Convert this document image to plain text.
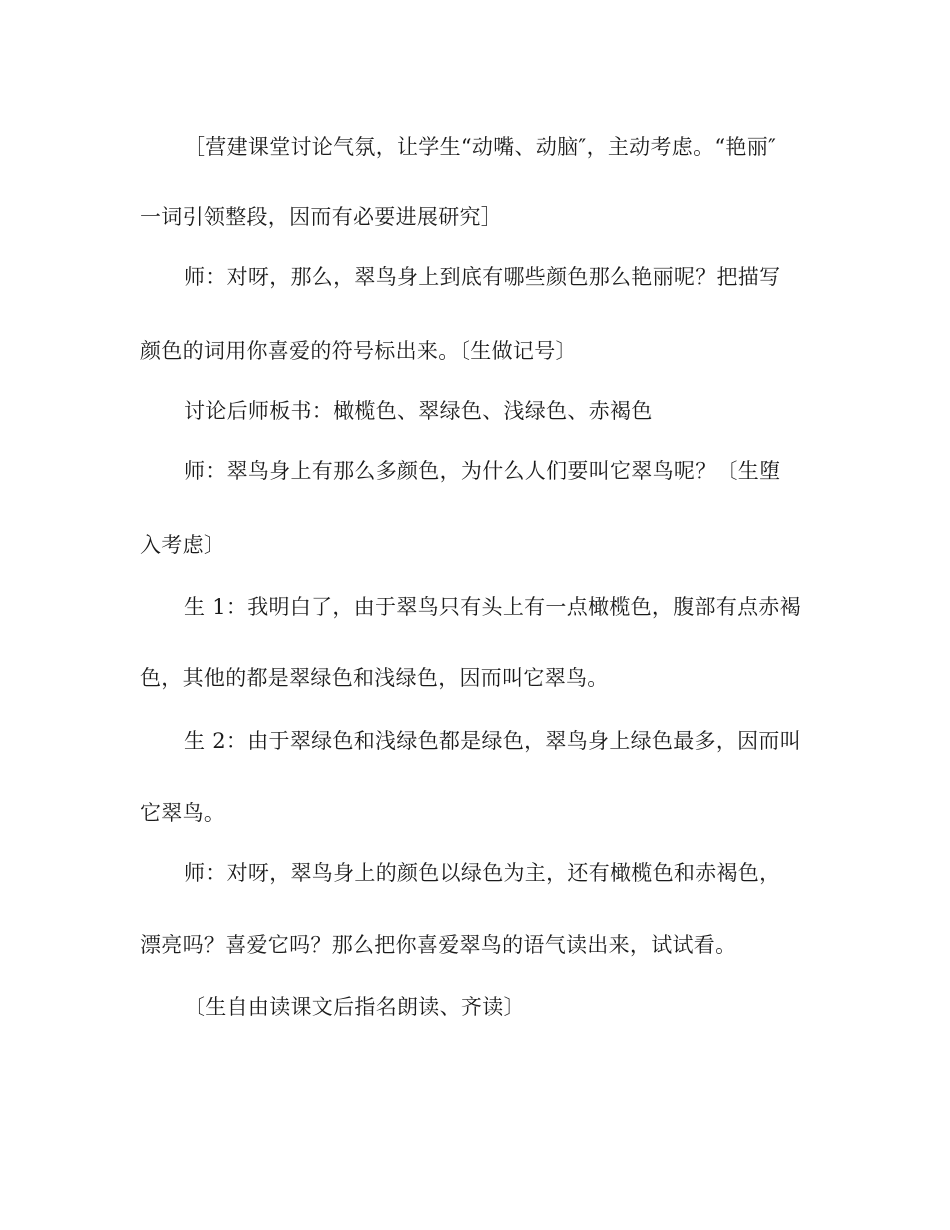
［营建课堂讨论气氛，让学生“动嘴、动脑″，主动考虑。“艳丽″
一词引领整段，因而有必要进展研究］
师：对呀，那么，翠鸟身上到底有哪些颜色那么艳丽呢？把描写
颜色的词用你喜爱的符号标出来。〔生做记号〕
讨论后师板书：橄榄色、翠绿色、浅绿色、赤褐色
师：翠鸟身上有那么多颜色，为什么人们要叫它翠鸟呢？〔生堕
入考虑〕
生 1：我明白了，由于翠鸟只有头上有一点橄榄色，腹部有点赤褐
色，其他的都是翠绿色和浅绿色，因而叫它翠鸟。
生 2：由于翠绿色和浅绿色都是绿色，翠鸟身上绿色最多，因而叫
它翠鸟。
师：对呀，翠鸟身上的颜色以绿色为主，还有橄榄色和赤褐色，
漂亮吗？喜爱它吗？那么把你喜爱翠鸟的语气读出来，试试看。
〔生自由读课文后指名朗读、齐读〕
